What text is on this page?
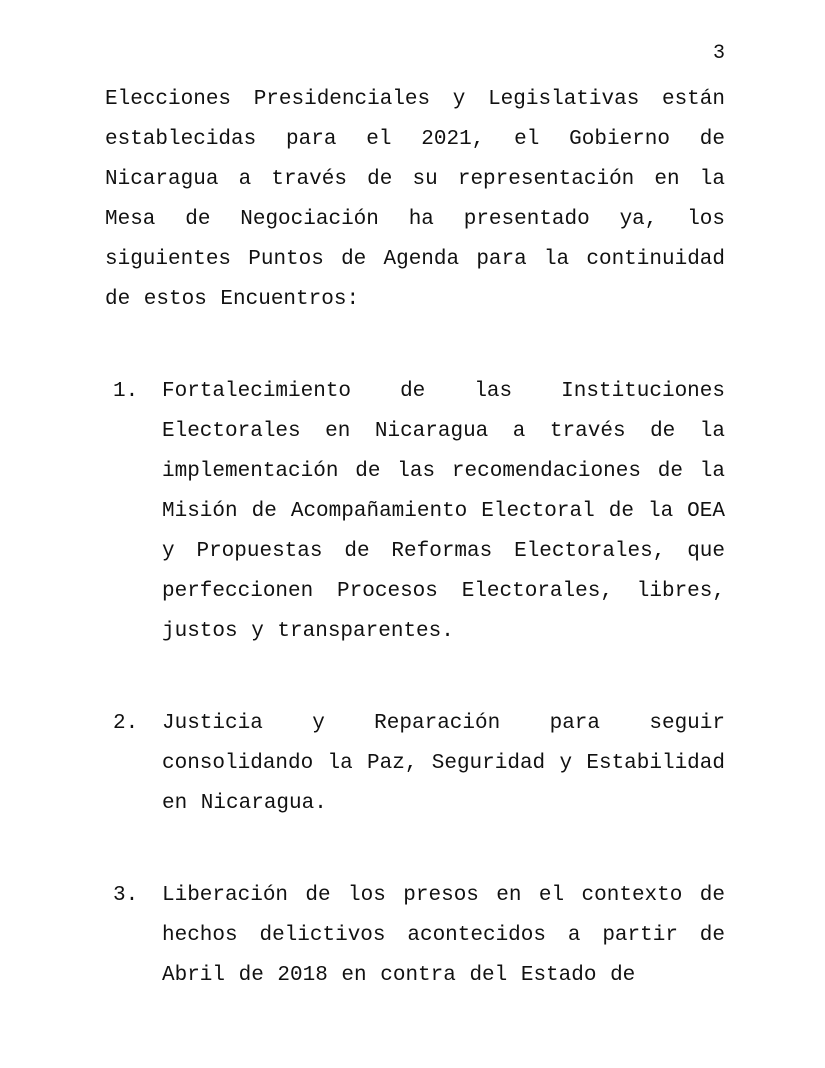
3

Elecciones Presidenciales y Legislativas están establecidas para el 2021, el Gobierno de Nicaragua a través de su representación en la Mesa de Negociación ha presentado ya, los siguientes Puntos de Agenda para la continuidad de estos Encuentros:

1.	Fortalecimiento de las Instituciones Electorales en Nicaragua a través de la implementación de las recomendaciones de la Misión de Acompañamiento Electoral de la OEA y Propuestas de Reformas Electorales, que perfeccionen Procesos Electorales, libres, justos y transparentes.
2.	Justicia y Reparación para seguir consolidando la Paz, Seguridad y Estabilidad en Nicaragua.
3.	Liberación de los presos en el contexto de hechos delictivos acontecidos a partir de Abril de 2018 en contra del Estado de
